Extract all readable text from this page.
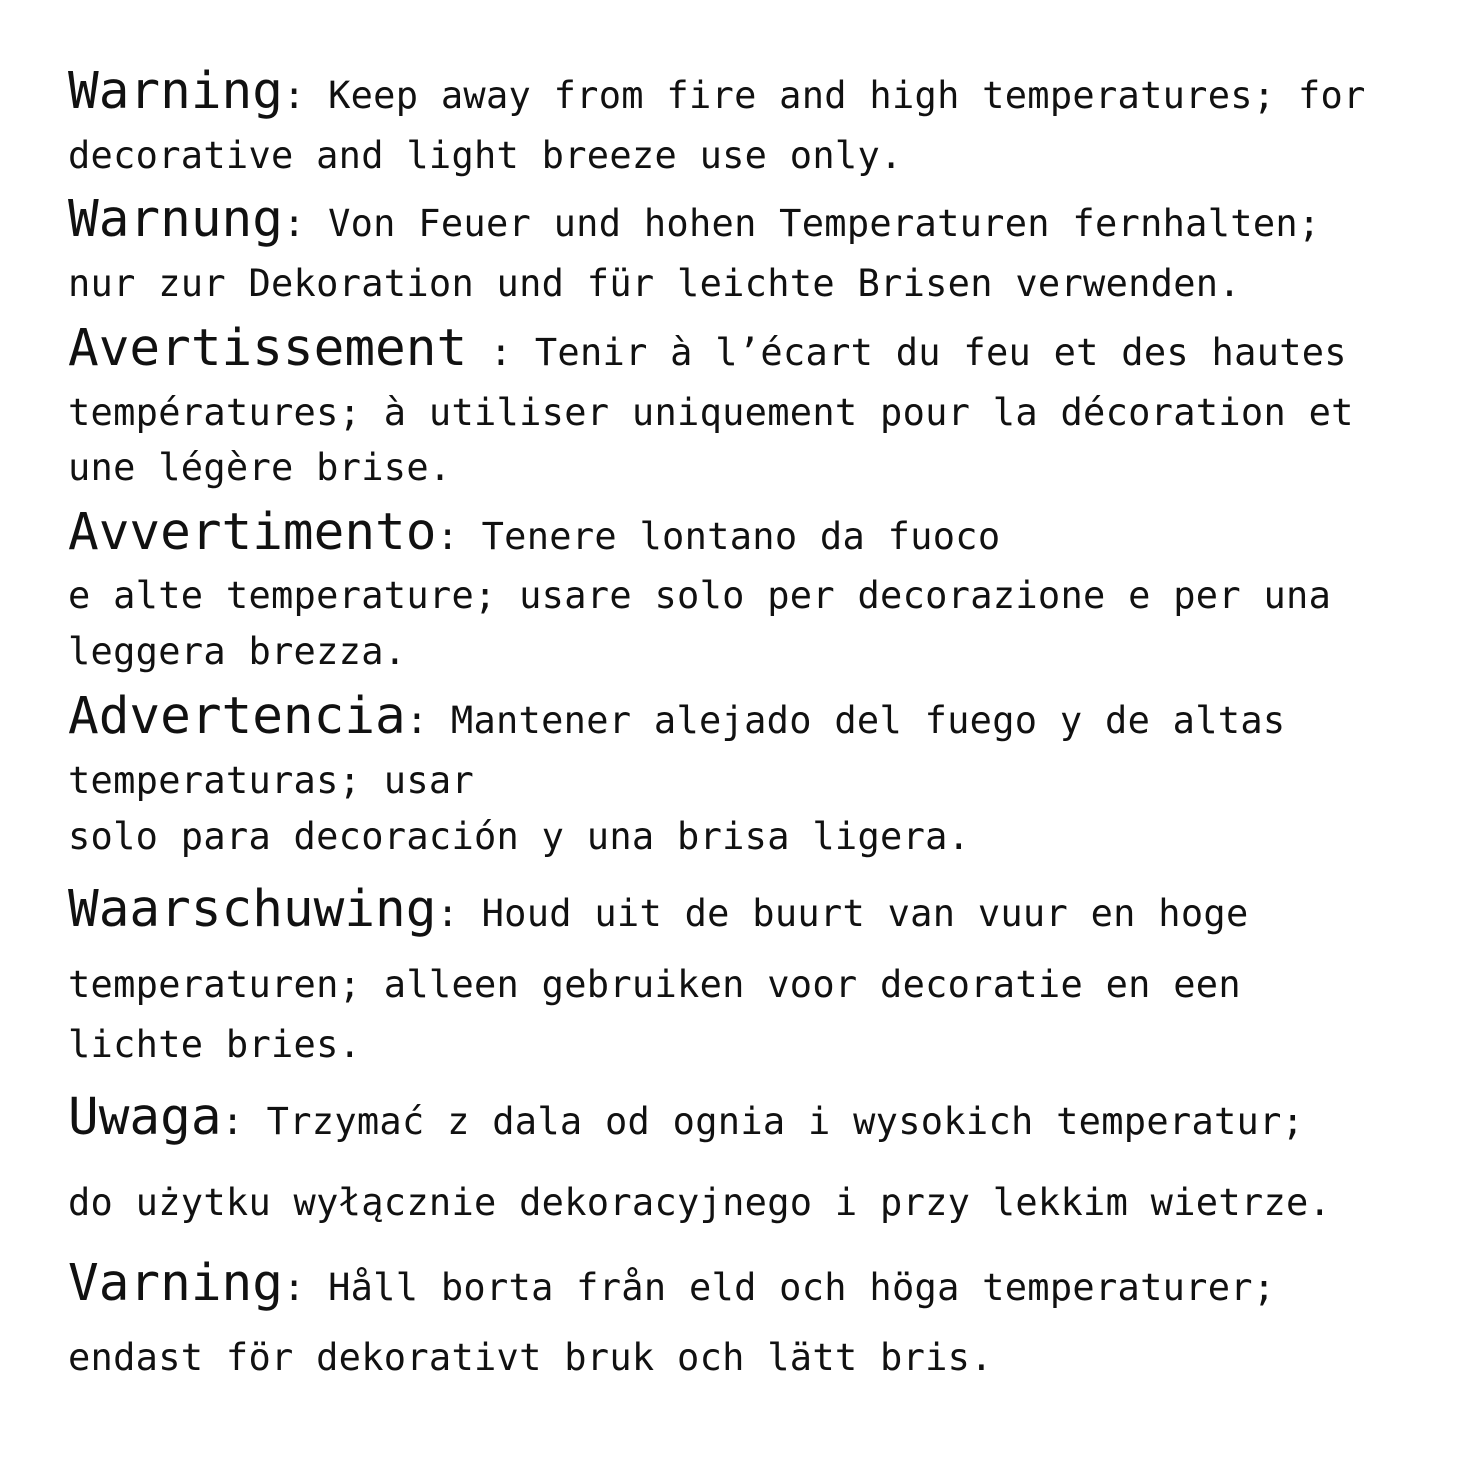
Warning: Keep away from fire and high temperatures; for
decorative and light breeze use only.
Warnung: Von Feuer und hohen Temperaturen fernhalten;
nur zur Dekoration und für leichte Brisen verwenden.
Avertissement : Tenir à l’écart du feu et des hautes
températures; à utiliser uniquement pour la décoration et
une légère brise.
Avvertimento: Tenere lontano da fuoco
e alte temperature; usare solo per decorazione e per una
leggera brezza.
Advertencia: Mantener alejado del fuego y de altas
temperaturas; usar
solo para decoración y una brisa ligera.
Waarschuwing: Houd uit de buurt van vuur en hoge
temperaturen; alleen gebruiken voor decoratie en een
lichte bries.
Uwaga: Trzymać z dala od ognia i wysokich temperatur;
do użytku wyłącznie dekoracyjnego i przy lekkim wietrze.
Varning: Håll borta från eld och höga temperaturer;
endast för dekorativt bruk och lätt bris.
